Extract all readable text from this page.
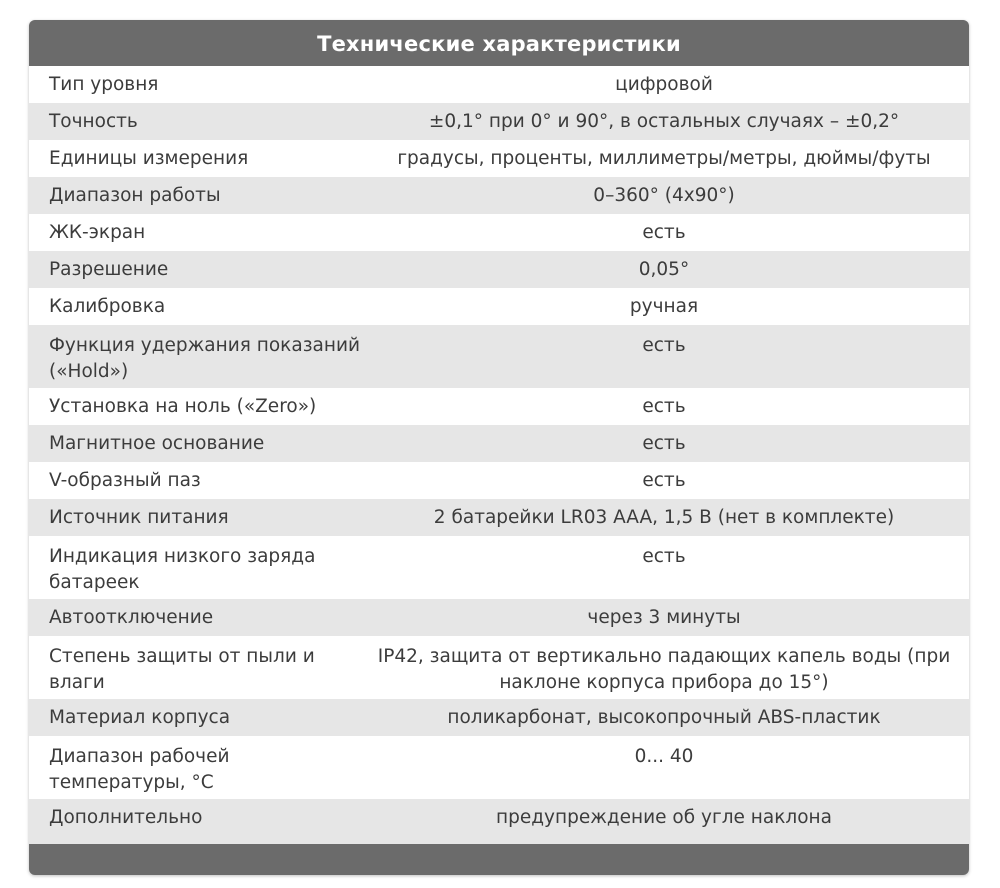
Технические характеристики
Тип уровня	цифровой
Точность	±0,1° при 0° и 90°, в остальных случаях – ±0,2°
Единицы измерения	градусы, проценты, миллиметры/метры, дюймы/футы
Диапазон работы	0–360° (4х90°)
ЖК-экран	есть
Разрешение	0,05°
Калибровка	ручная
Функция удержания показаний («Hold»)	есть
Установка на ноль («Zero»)	есть
Магнитное основание	есть
V-образный паз	есть
Источник питания	2 батарейки LR03 AAA, 1,5 В (нет в комплекте)
Индикация низкого заряда батареек	есть
Автоотключение	через 3 минуты
Степень защиты от пыли и влаги	IP42, защита от вертикально падающих капель воды (при наклоне корпуса прибора до 15°)
Материал корпуса	поликарбонат, высокопрочный ABS-пластик
Диапазон рабочей температуры, °С	0... 40
Дополнительно	предупреждение об угле наклона
